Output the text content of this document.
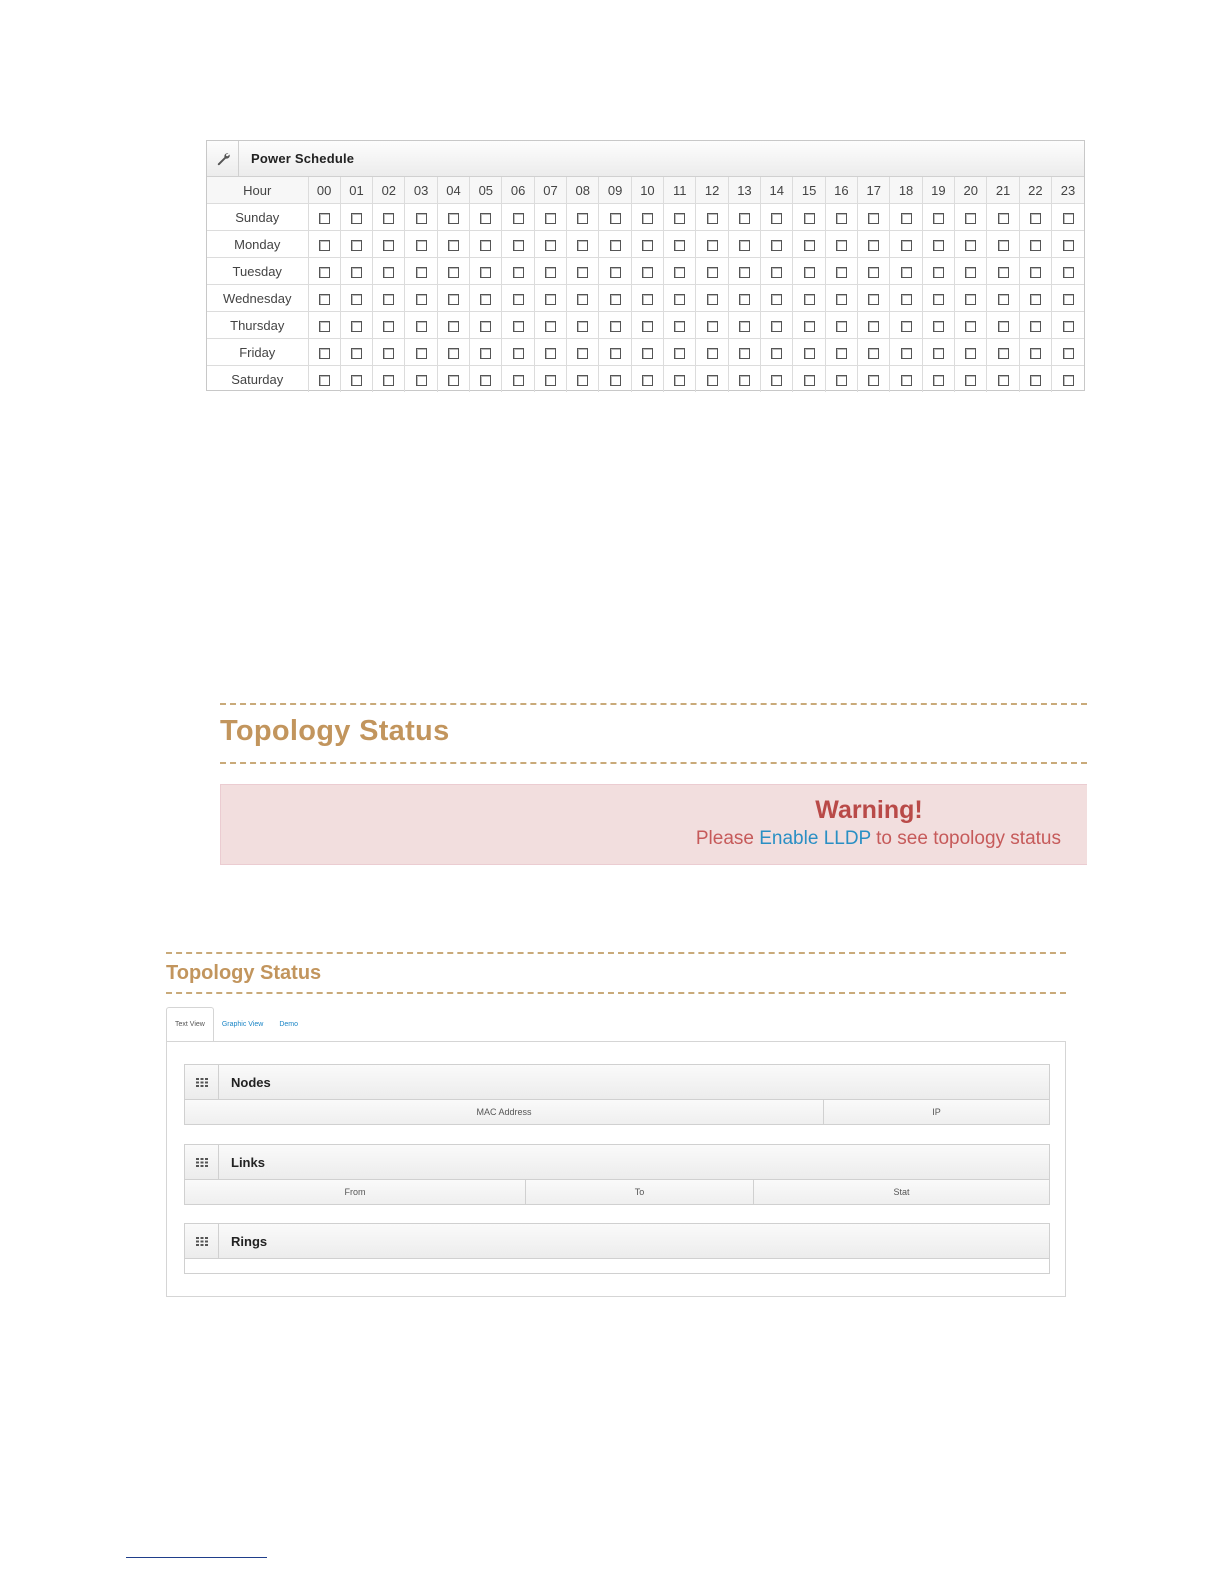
Power Schedule
Hour	00	01	02	03	04	05	06	07	08	09	10	11	12	13	14	15	16	17	18	19	20	21	22	23
Sunday																								
Monday																								
Tuesday																								
Wednesday																								
Thursday																								
Friday																								
Saturday																								
Topology Status
Warning!
Please Enable LLDP to see topology status
Topology Status
Text View	Graphic View	Demo
Nodes
MAC Address	IP
Links
From	To	Stat
Rings
